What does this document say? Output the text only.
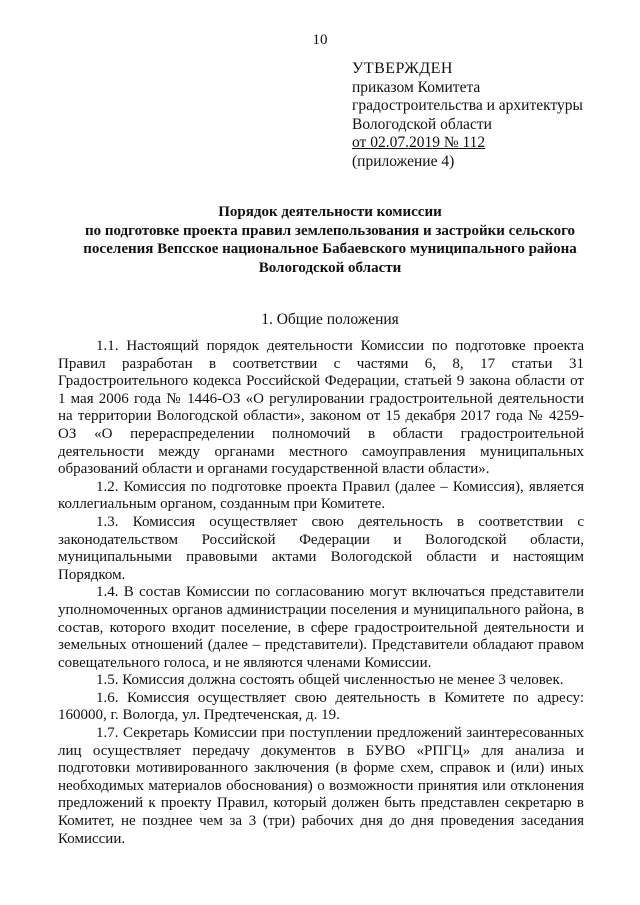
10
УТВЕРЖДЕН
приказом Комитета
градостроительства и архитектуры
Вологодской области
от 02.07.2019 № 112
(приложение 4)
Порядок деятельности комиссии
по подготовке проекта правил землепользования и застройки сельского
поселения Вепсское национальное Бабаевского муниципального района
Вологодской области
1. Общие положения

1.1. Настоящий порядок деятельности Комиссии по подготовке проекта Правил разработан в соответствии с частями 6, 8, 17 статьи 31 Градостроительного кодекса Российской Федерации, статьей 9 закона области от 1 мая 2006 года № 1446-ОЗ «О регулировании градостроительной деятельности на территории Вологодской области», законом от 15 декабря 2017 года № 4259-ОЗ «О перераспределении полномочий в области градостроительной деятельности между органами местного самоуправления муниципальных образований области и органами государственной власти области».

1.2. Комиссия по подготовке проекта Правил (далее – Комиссия), является коллегиальным органом, созданным при Комитете.

1.3. Комиссия осуществляет свою деятельность в соответствии с законодательством Российской Федерации и Вологодской области, муниципальными правовыми актами Вологодской области и настоящим Порядком.

1.4. В состав Комиссии по согласованию могут включаться представители уполномоченных органов администрации поселения и муниципального района, в состав, которого входит поселение, в сфере градостроительной деятельности и земельных отношений (далее – представители). Представители обладают правом совещательного голоса, и не являются членами Комиссии.

1.5. Комиссия должна состоять общей численностью не менее 3 человек.

1.6. Комиссия осуществляет свою деятельность в Комитете по адресу: 160000, г. Вологда, ул. Предтеченская, д. 19.

1.7. Секретарь Комиссии при поступлении предложений заинтересованных лиц осуществляет передачу документов в БУВО «РПГЦ» для анализа и подготовки мотивированного заключения (в форме схем, справок и (или) иных необходимых материалов обоснования) о возможности принятия или отклонения предложений к проекту Правил, который должен быть представлен секретарю в Комитет, не позднее чем за 3 (три) рабочих дня до дня проведения заседания Комиссии.
